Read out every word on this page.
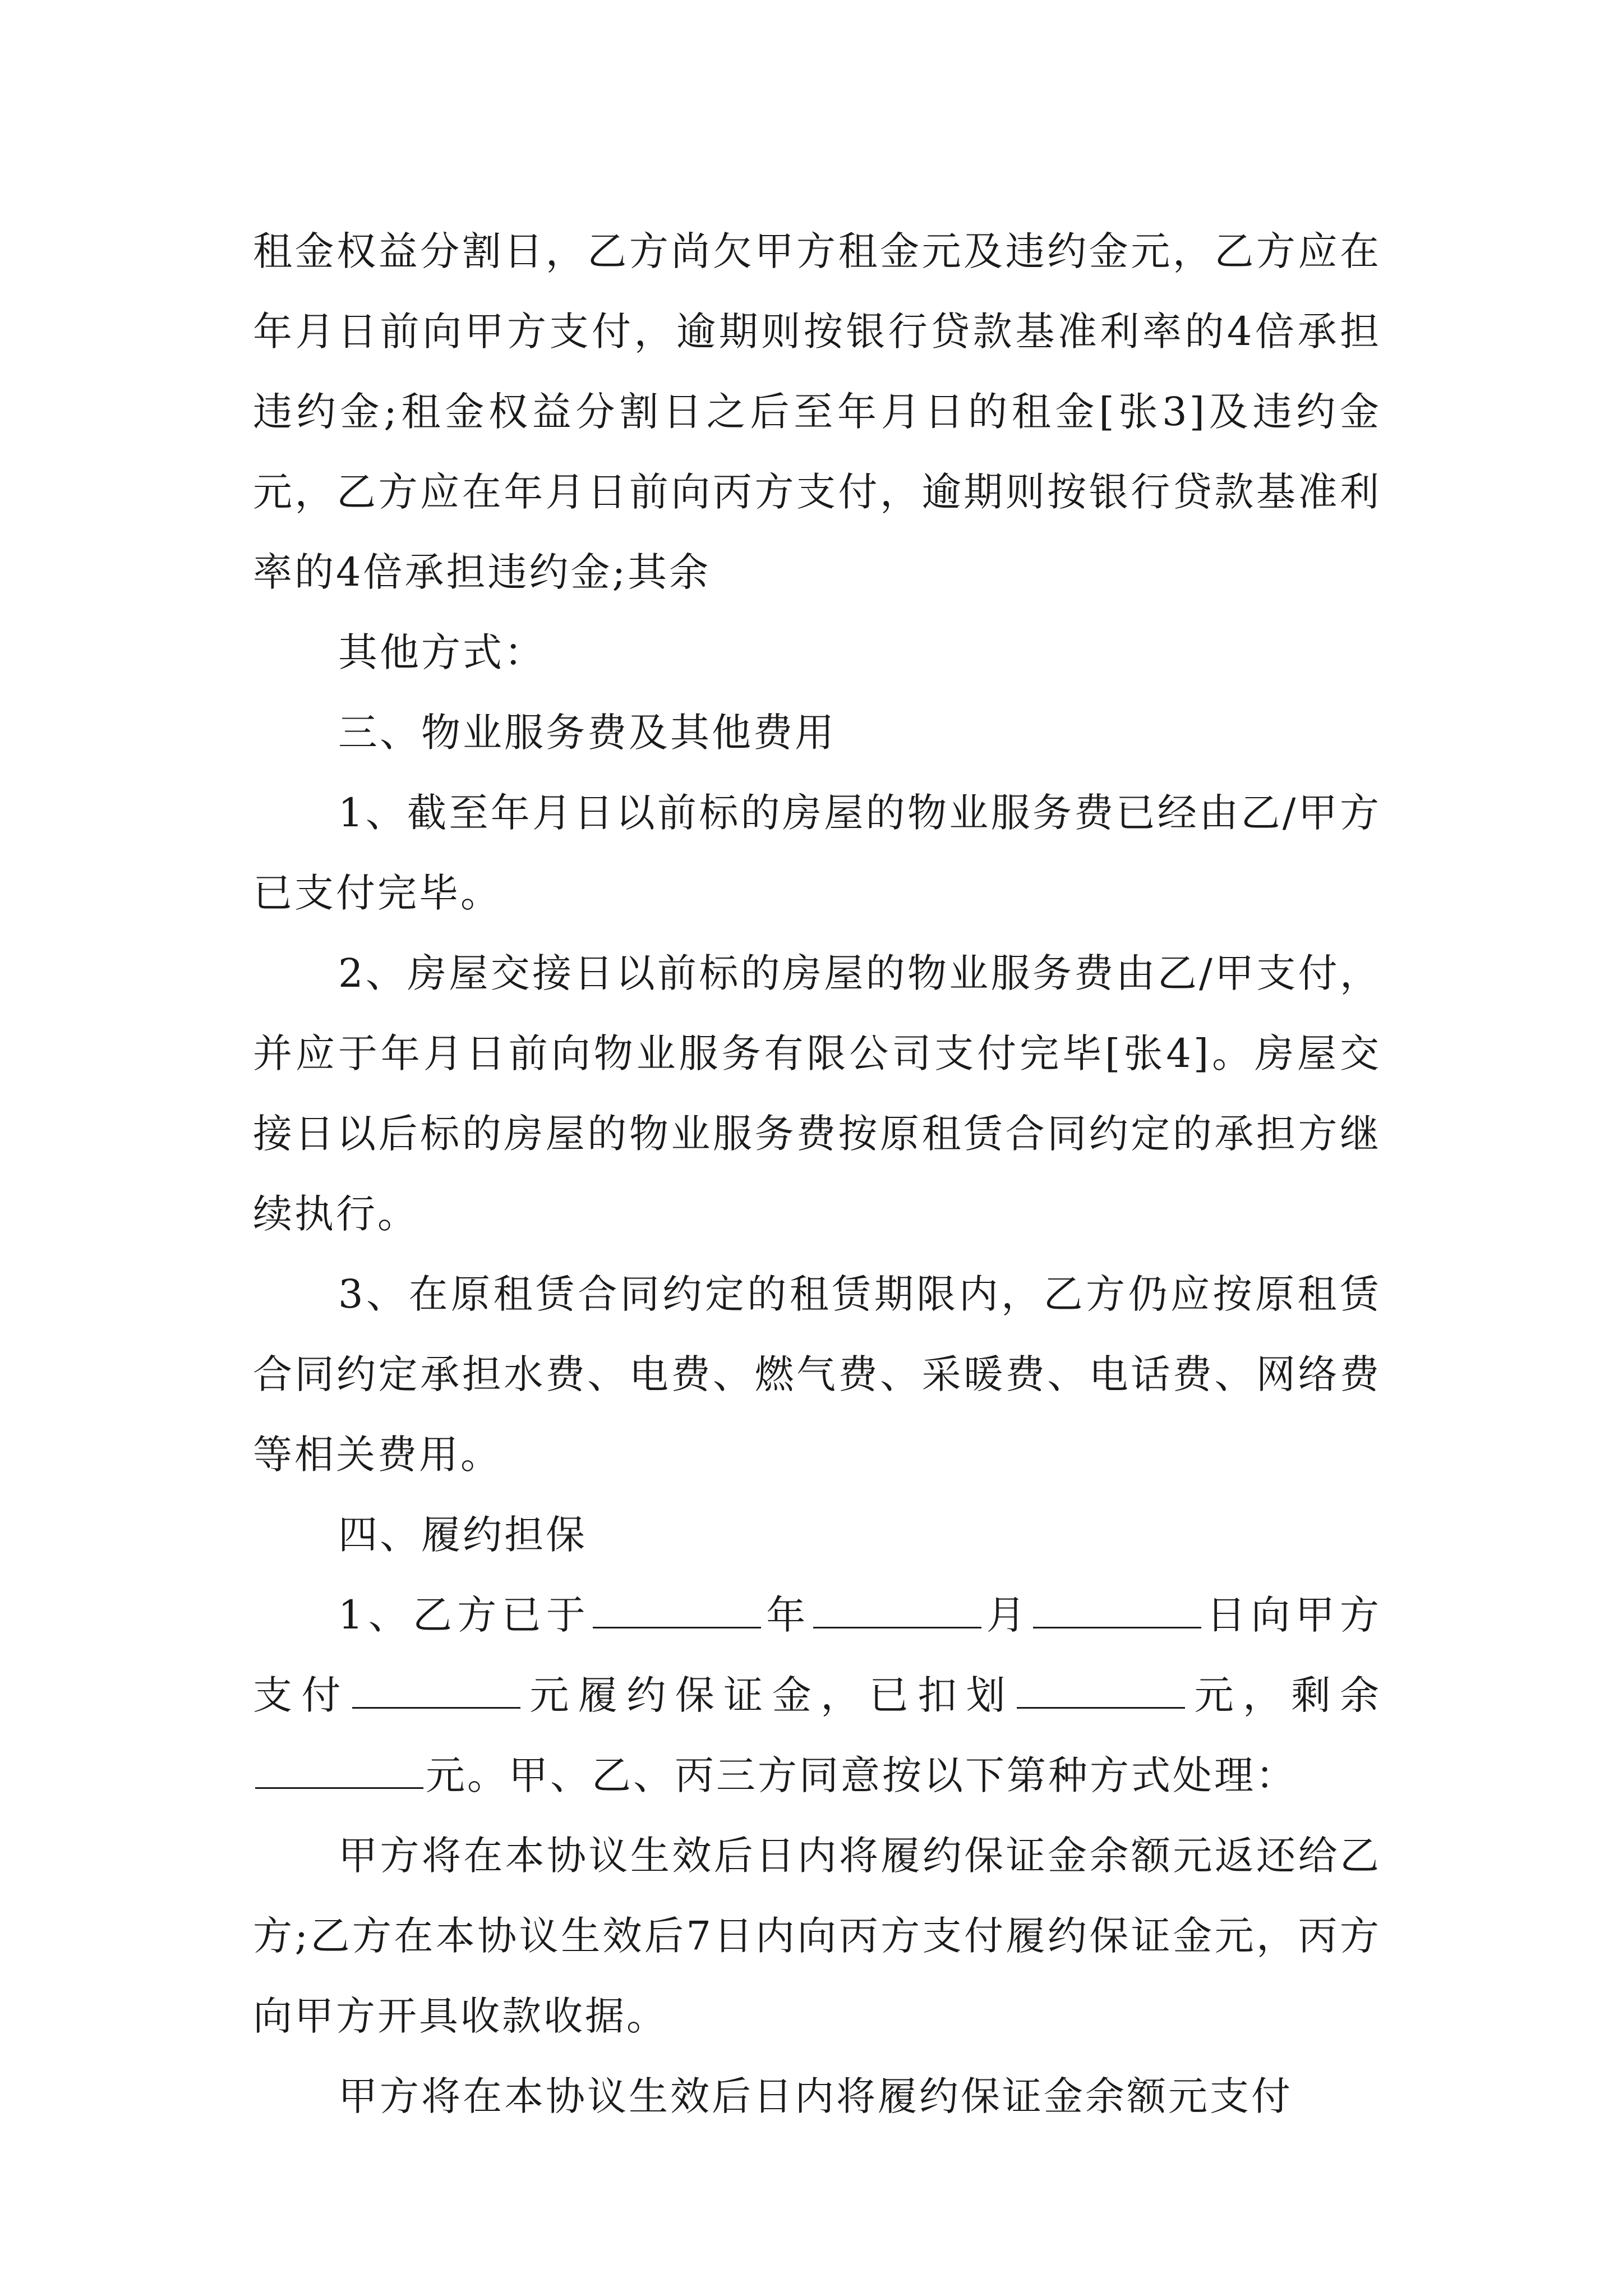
租金权益分割日，乙方尚欠甲方租金元及违约金元，乙方应在年月日前向甲方支付，逾期则按银行贷款基准利率的4倍承担违约金;租金权益分割日之后至年月日的租金[张3]及违约金元，乙方应在年月日前向丙方支付，逾期则按银行贷款基准利率的4倍承担违约金;其余

其他方式：

三、物业服务费及其他费用

1、截至年月日以前标的房屋的物业服务费已经由乙/甲方已支付完毕。

2、房屋交接日以前标的房屋的物业服务费由乙/甲支付，并应于年月日前向物业服务有限公司支付完毕[张4]。房屋交接日以后标的房屋的物业服务费按原租赁合同约定的承担方继续执行。

3、在原租赁合同约定的租赁期限内，乙方仍应按原租赁合同约定承担水费、电费、燃气费、采暖费、电话费、网络费等相关费用。

四、履约担保

1、乙方已于	年	月	日向甲方支付	元履约保证金，已扣划	元，剩余元。甲、乙、丙三方同意按以下第种方式处理：

甲方将在本协议生效后日内将履约保证金余额元返还给乙方;乙方在本协议生效后7日内向丙方支付履约保证金元，丙方向甲方开具收款收据。

甲方将在本协议生效后日内将履约保证金余额元支付
